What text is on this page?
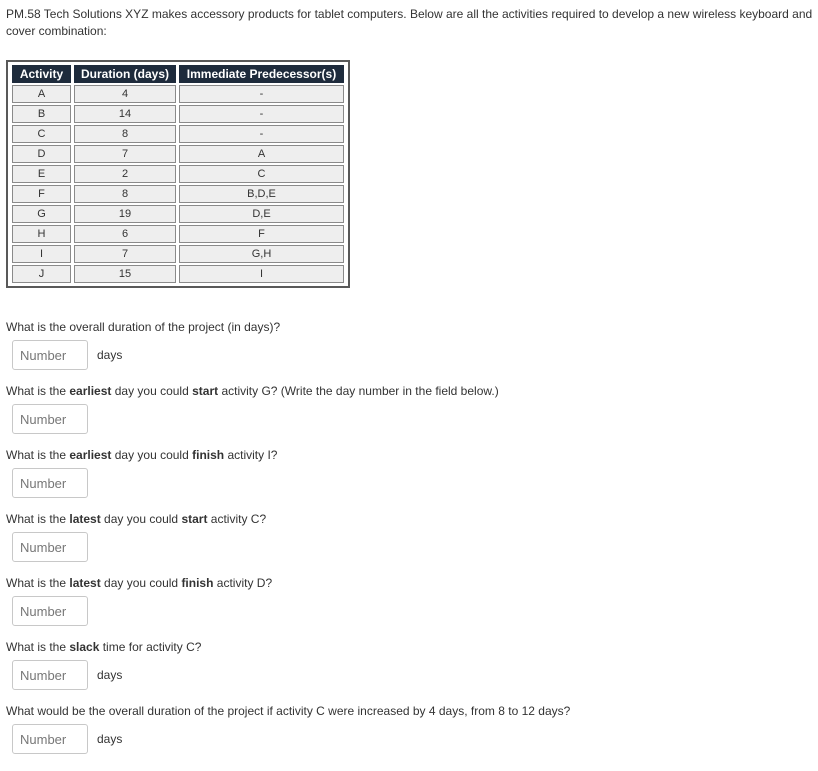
PM.58 Tech Solutions XYZ makes accessory products for tablet computers. Below are all the activities required to develop a new wireless keyboard and cover combination:

Activity	Duration (days)	Immediate Predecessor(s)
A	4	-
B	14	-
C	8	-
D	7	A
E	2	C
F	8	B,D,E
G	19	D,E
H	6	F
I	7	G,H
J	15	I

What is the overall duration of the project (in days)?

Number
days

What is the earliest day you could start activity G? (Write the day number in the field below.)

Number

What is the earliest day you could finish activity I?

Number

What is the latest day you could start activity C?

Number

What is the latest day you could finish activity D?

Number

What is the slack time for activity C?

Number
days

What would be the overall duration of the project if activity C were increased by 4 days, from 8 to 12 days?

Number
days
